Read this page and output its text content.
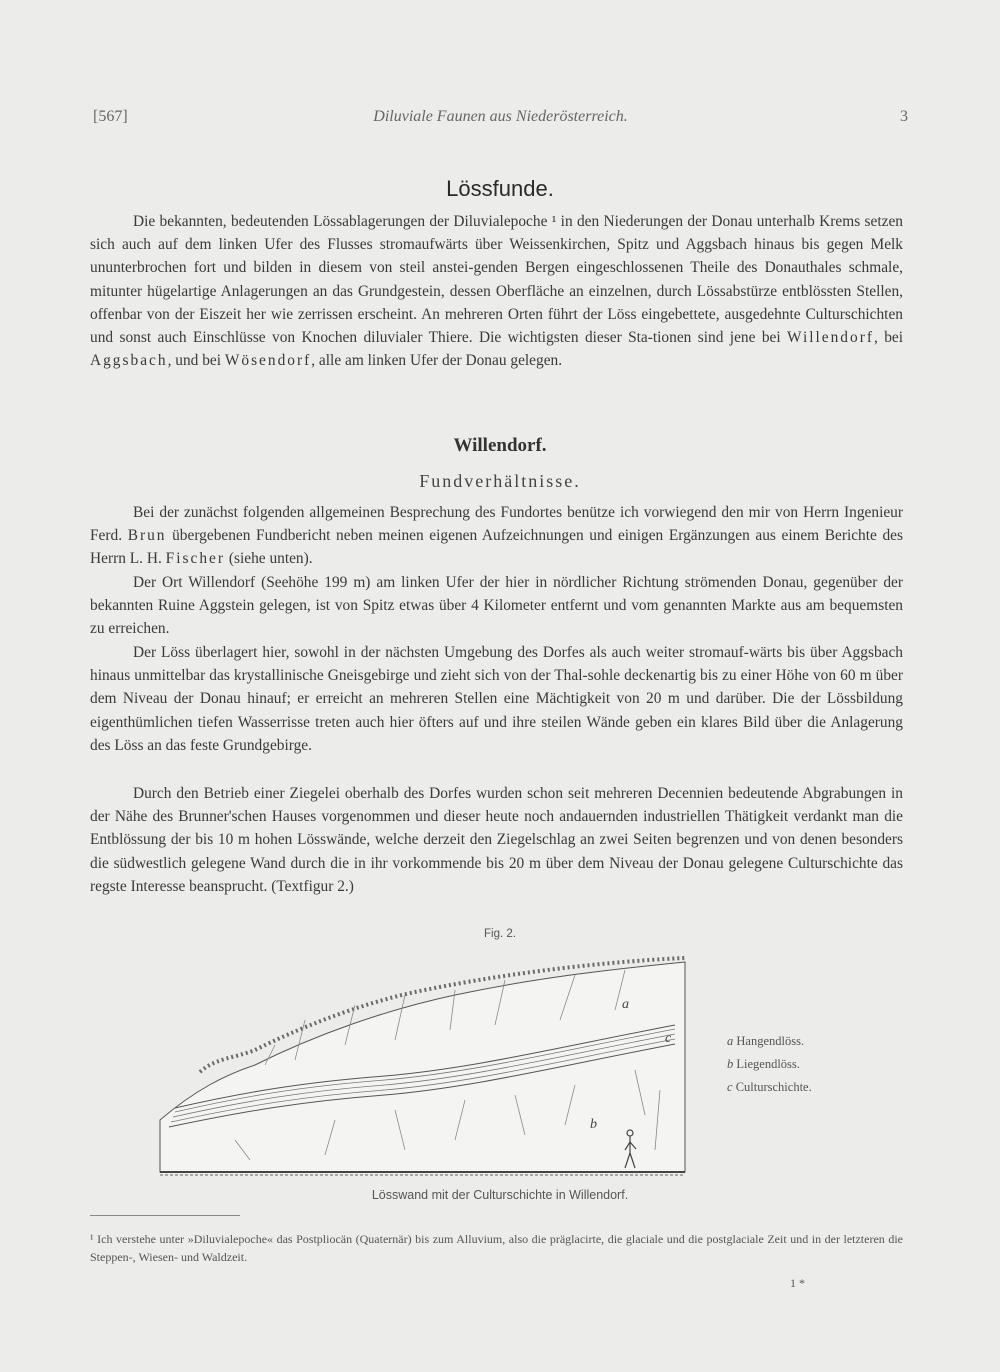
[567]	Diluviale Faunen aus Niederösterreich.	3
Lössfunde.

Die bekannten, bedeutenden Lössablagerungen der Diluvialepoche ¹ in den Niederungen der Donau unterhalb Krems setzen sich auch auf dem linken Ufer des Flusses stromaufwärts über Weissenkirchen, Spitz und Aggsbach hinaus bis gegen Melk ununterbrochen fort und bilden in diesem von steil anstei-genden Bergen eingeschlossenen Theile des Donauthales schmale, mitunter hügelartige Anlagerungen an das Grundgestein, dessen Oberfläche an einzelnen, durch Lössabstürze entblössten Stellen, offenbar von der Eiszeit her wie zerrissen erscheint. An mehreren Orten führt der Löss eingebettete, ausgedehnte Culturschichten und sonst auch Einschlüsse von Knochen diluvialer Thiere. Die wichtigsten dieser Sta-tionen sind jene bei Willendorf, bei Aggsbach, und bei Wösendorf, alle am linken Ufer der Donau gelegen.

Willendorf.
Fundverhältnisse.

Bei der zunächst folgenden allgemeinen Besprechung des Fundortes benütze ich vorwiegend den mir von Herrn Ingenieur Ferd. Brun übergebenen Fundbericht neben meinen eigenen Aufzeichnungen und einigen Ergänzungen aus einem Berichte des Herrn L. H. Fischer (siehe unten).

Der Ort Willendorf (Seehöhe 199 m) am linken Ufer der hier in nördlicher Richtung strömenden Donau, gegenüber der bekannten Ruine Aggstein gelegen, ist von Spitz etwas über 4 Kilometer entfernt und vom genannten Markte aus am bequemsten zu erreichen.

Der Löss überlagert hier, sowohl in der nächsten Umgebung des Dorfes als auch weiter stromauf-wärts bis über Aggsbach hinaus unmittelbar das krystallinische Gneisgebirge und zieht sich von der Thal-sohle deckenartig bis zu einer Höhe von 60 m über dem Niveau der Donau hinauf; er erreicht an mehreren Stellen eine Mächtigkeit von 20 m und darüber. Die der Lössbildung eigenthümlichen tiefen Wasserrisse treten auch hier öfters auf und ihre steilen Wände geben ein klares Bild über die Anlagerung des Löss an das feste Grundgebirge.

Durch den Betrieb einer Ziegelei oberhalb des Dorfes wurden schon seit mehreren Decennien bedeutende Abgrabungen in der Nähe des Brunner'schen Hauses vorgenommen und dieser heute noch andauernden industriellen Thätigkeit verdankt man die Entblössung der bis 10 m hohen Lösswände, welche derzeit den Ziegelschlag an zwei Seiten begrenzen und von denen besonders die südwestlich gelegene Wand durch die in ihr vorkommende bis 20 m über dem Niveau der Donau gelegene Culturschichte das regste Interesse beansprucht. (Textfigur 2.)

Fig. 2.
a
c
b
a Hangendlöss.
b Liegendlöss.
c Culturschichte.
Lösswand mit der Culturschichte in Willendorf.
¹ Ich verstehe unter »Diluvialepoche« das Postpliocän (Quaternär) bis zum Alluvium, also die präglacirte, die glaciale und die postglaciale Zeit und in der letzteren die Steppen-, Wiesen- und Waldzeit.
1 *
